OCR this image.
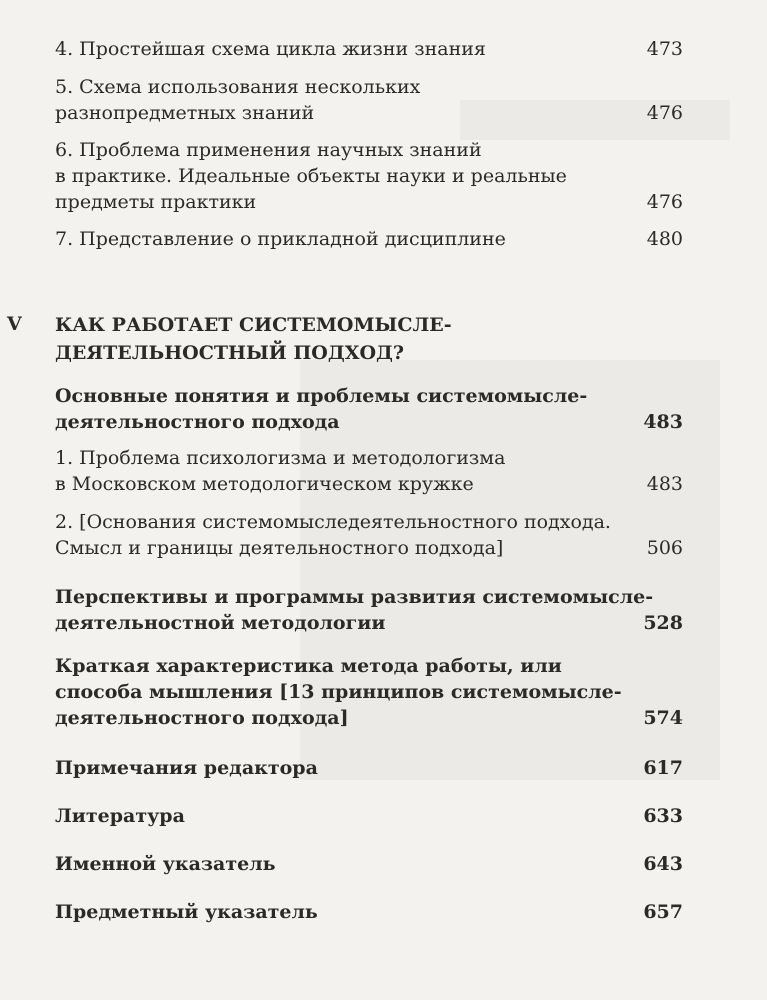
4. Простейшая схема цикла жизни знания	473
5. Схема использования нескольких
разнопредметных знаний	476
6. Проблема применения научных знаний
в практике. Идеальные объекты науки и реальные
предметы практики	476
7. Представление о прикладной дисциплине	480
V КАК РАБОТАЕТ СИСТЕМОМЫСЛЕ-
ДЕЯТЕЛЬНОСТНЫЙ ПОДХОД?
Основные понятия и проблемы системомысле-
деятельностного подхода	483
1. Проблема психологизма и методологизма
в Московском методологическом кружке	483
2. [Основания системомыследеятельностного подхода.
Смысл и границы деятельностного подхода]	506
Перспективы и программы развития системомысле-
деятельностной методологии	528
Краткая характеристика метода работы, или
способа мышления [13 принципов системомысле-
деятельностного подхода]	574
Примечания редактора	617
Литература	633
Именной указатель	643
Предметный указатель	657
